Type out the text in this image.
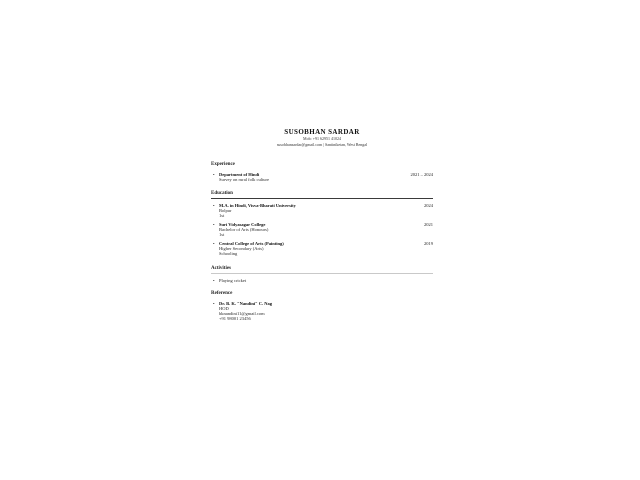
SUSOBHAN SARDAR
Mob: +91 62951 41024
susobhansardar@gmail.com | Santiniketan, West Bengal
Experience
• Department of Hindi
Survey on rural folk culture
2021 – 2024
Education
• M.A. in Hindi, Visva-Bharati University
Bolpur
1st
2024
• Suri Vidyasagar College
Bachelor of Arts (Honours)
1st
2021
• Central College of Arts (Painting)
Higher Secondary (Arts)
Schooling
2019
Activities
• Playing cricket
Reference
• Dr. B. K. "Nandini" C. Nag
HOD
bknandini11@gmail.com
+91 98001 23456
